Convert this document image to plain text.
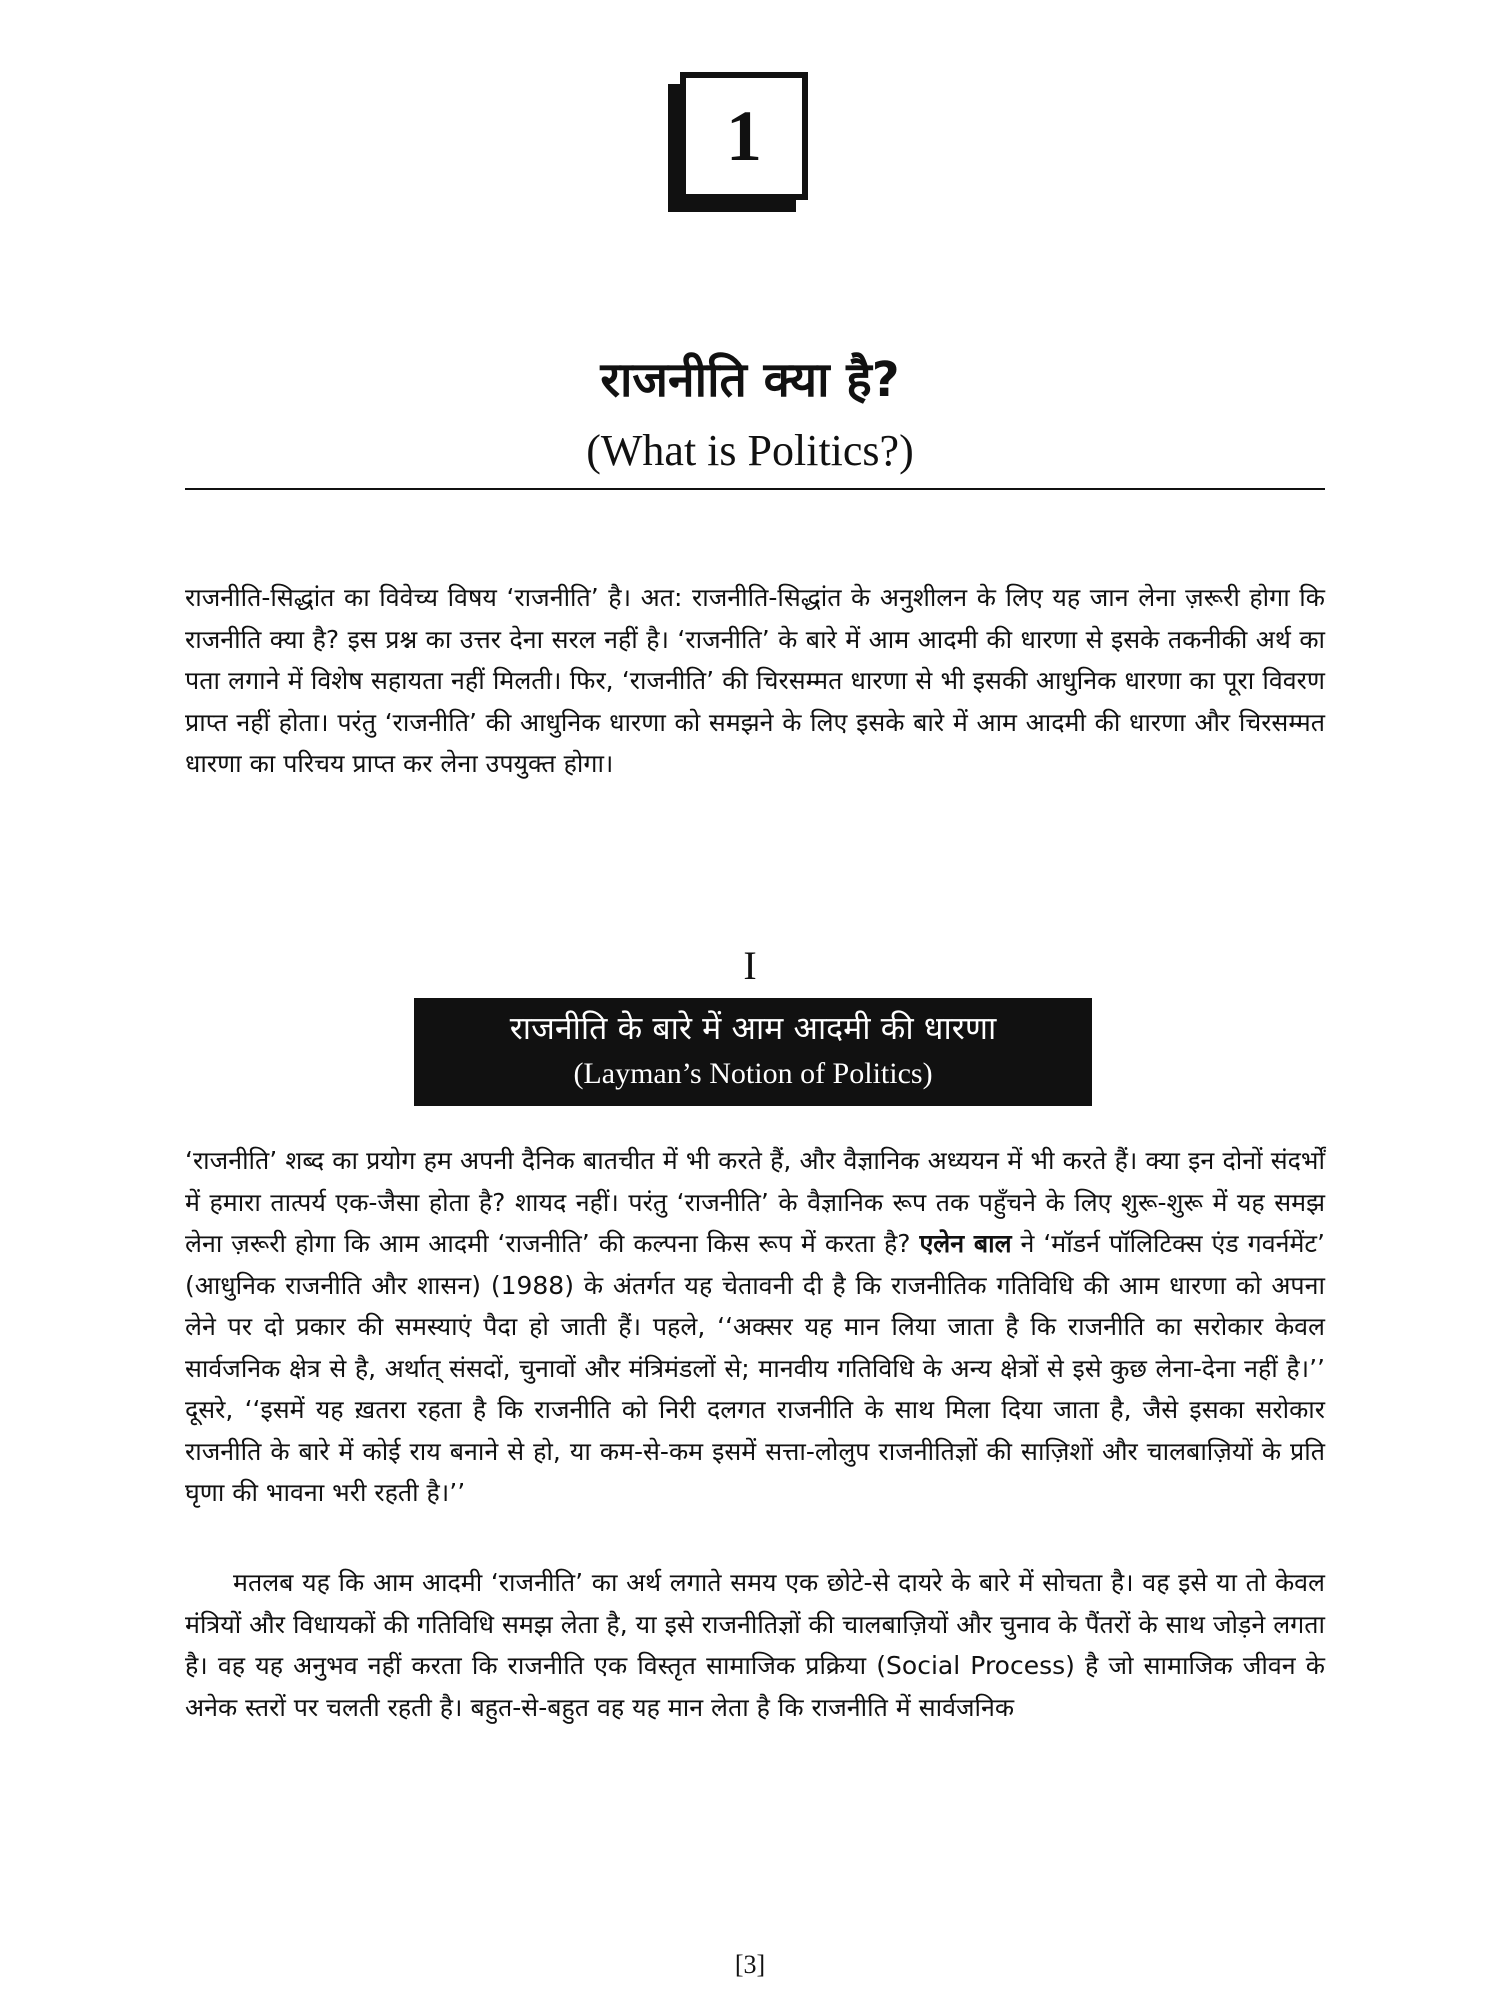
1
राजनीति क्या है?
(What is Politics?)

राजनीति-सिद्धांत का विवेच्य विषय ‘राजनीति’ है। अत: राजनीति-सिद्धांत के अनुशीलन के लिए यह जान लेना ज़रूरी होगा कि राजनीति क्या है? इस प्रश्न का उत्तर देना सरल नहीं है। ‘राजनीति’ के बारे में आम आदमी की धारणा से इसके तकनीकी अर्थ का पता लगाने में विशेष सहायता नहीं मिलती। फिर, ‘राजनीति’ की चिरसम्मत धारणा से भी इसकी आधुनिक धारणा का पूरा विवरण प्राप्त नहीं होता। परंतु ‘राजनीति’ की आधुनिक धारणा को समझने के लिए इसके बारे में आम आदमी की धारणा और चिरसम्मत धारणा का परिचय प्राप्त कर लेना उपयुक्त होगा।

I
राजनीति के बारे में आम आदमी की धारणा
(Layman’s Notion of Politics)

‘राजनीति’ शब्द का प्रयोग हम अपनी दैनिक बातचीत में भी करते हैं, और वैज्ञानिक अध्ययन में भी करते हैं। क्या इन दोनों संदर्भों में हमारा तात्पर्य एक-जैसा होता है? शायद नहीं। परंतु ‘राजनीति’ के वैज्ञानिक रूप तक पहुँचने के लिए शुरू-शुरू में यह समझ लेना ज़रूरी होगा कि आम आदमी ‘राजनीति’ की कल्पना किस रूप में करता है? एलेन बाल ने ‘मॉडर्न पॉलिटिक्स एंड गवर्नमेंट’ (आधुनिक राजनीति और शासन) (1988) के अंतर्गत यह चेतावनी दी है कि राजनीतिक गतिविधि की आम धारणा को अपना लेने पर दो प्रकार की समस्याएं पैदा हो जाती हैं। पहले, ‘‘अक्सर यह मान लिया जाता है कि राजनीति का सरोकार केवल सार्वजनिक क्षेत्र से है, अर्थात् संसदों, चुनावों और मंत्रिमंडलों से; मानवीय गतिविधि के अन्य क्षेत्रों से इसे कुछ लेना-देना नहीं है।’’ दूसरे, ‘‘इसमें यह ख़तरा रहता है कि राजनीति को निरी दलगत राजनीति के साथ मिला दिया जाता है, जैसे इसका सरोकार राजनीति के बारे में कोई राय बनाने से हो, या कम-से-कम इसमें सत्ता-लोलुप राजनीतिज्ञों की साज़िशों और चालबाज़ियों के प्रति घृणा की भावना भरी रहती है।’’

मतलब यह कि आम आदमी ‘राजनीति’ का अर्थ लगाते समय एक छोटे-से दायरे के बारे में सोचता है। वह इसे या तो केवल मंत्रियों और विधायकों की गतिविधि समझ लेता है, या इसे राजनीतिज्ञों की चालबाज़ियों और चुनाव के पैंतरों के साथ जोड़ने लगता है। वह यह अनुभव नहीं करता कि राजनीति एक विस्तृत सामाजिक प्रक्रिया (Social Process) है जो सामाजिक जीवन के अनेक स्तरों पर चलती रहती है। बहुत-से-बहुत वह यह मान लेता है कि राजनीति में सार्वजनिक

[3]
